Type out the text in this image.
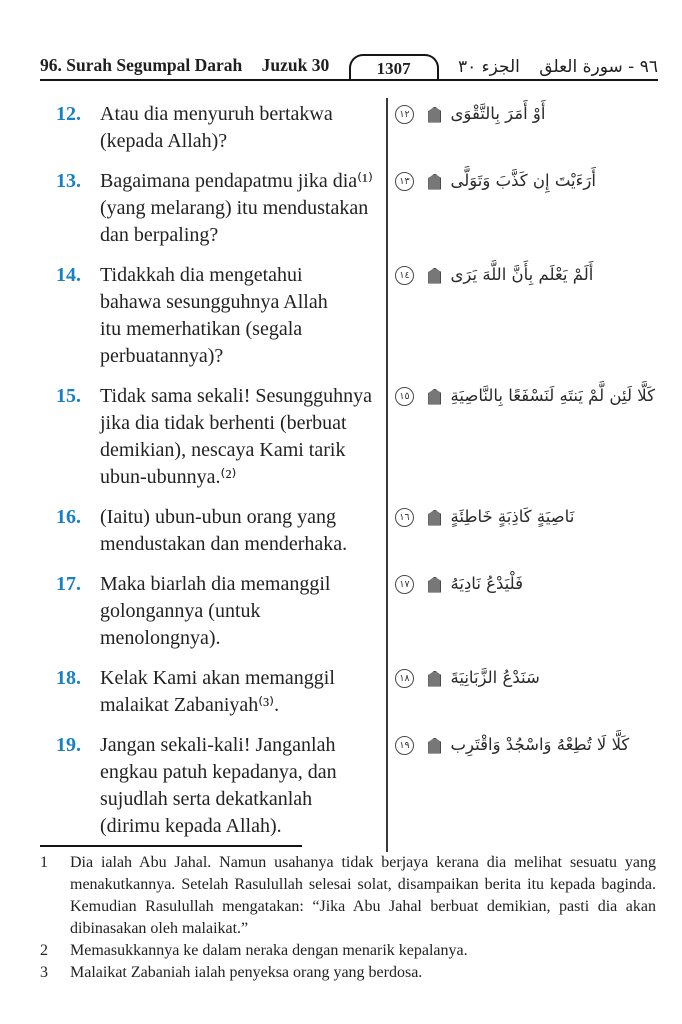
96. Surah Segumpal Darah Juzuk 30	1307	الجزء ٣٠ ٩٦ - سورة العلق
12. Atau dia menyuruh bertakwa
(kepada Allah)?
أَوْ أَمَرَ بِالتَّقْوَى  ١٢
13. Bagaimana pendapatmu jika dia⁽¹⁾
(yang melarang) itu mendustakan
dan berpaling?
أَرَءَيْتَ إِن كَذَّبَ وَتَوَلَّى  ١٣
14. Tidakkah dia mengetahui
bahawa sesungguhnya Allah
itu memerhatikan (segala
perbuatannya)?
أَلَمْ يَعْلَم بِأَنَّ اللَّهَ يَرَى  ١٤
15. Tidak sama sekali! Sesungguhnya
jika dia tidak berhenti (berbuat
demikian), nescaya Kami tarik
ubun-ubunnya.⁽²⁾
كَلَّا لَئِن لَّمْ يَنتَهِ لَنَسْفَعًا بِالنَّاصِيَةِ  ١٥
16. (Iaitu) ubun-ubun orang yang
mendustakan dan menderhaka.
نَاصِيَةٍ كَاذِبَةٍ خَاطِئَةٍ  ١٦
17. Maka biarlah dia memanggil
golongannya (untuk
menolongnya).
فَلْيَدْعُ نَادِيَهُ  ١٧
18. Kelak Kami akan memanggil
malaikat Zabaniyah⁽³⁾.
سَنَدْعُ الزَّبَانِيَةَ  ١٨
19. Jangan sekali-kali! Janganlah
engkau patuh kepadanya, dan
sujudlah serta dekatkanlah
(dirimu kepada Allah).
كَلَّا لَا تُطِعْهُ وَاسْجُدْ وَاقْتَرِب  ١٩
1	Dia ialah Abu Jahal. Namun usahanya tidak berjaya kerana dia melihat sesuatu yang menakutkannya. Setelah Rasulullah selesai solat, disampaikan berita itu kepada baginda. Kemudian Rasulullah mengatakan: “Jika Abu Jahal berbuat demikian, pasti dia akan dibinasakan oleh malaikat.”
2	Memasukkannya ke dalam neraka dengan menarik kepalanya.
3	Malaikat Zabaniah ialah penyeksa orang yang berdosa.
